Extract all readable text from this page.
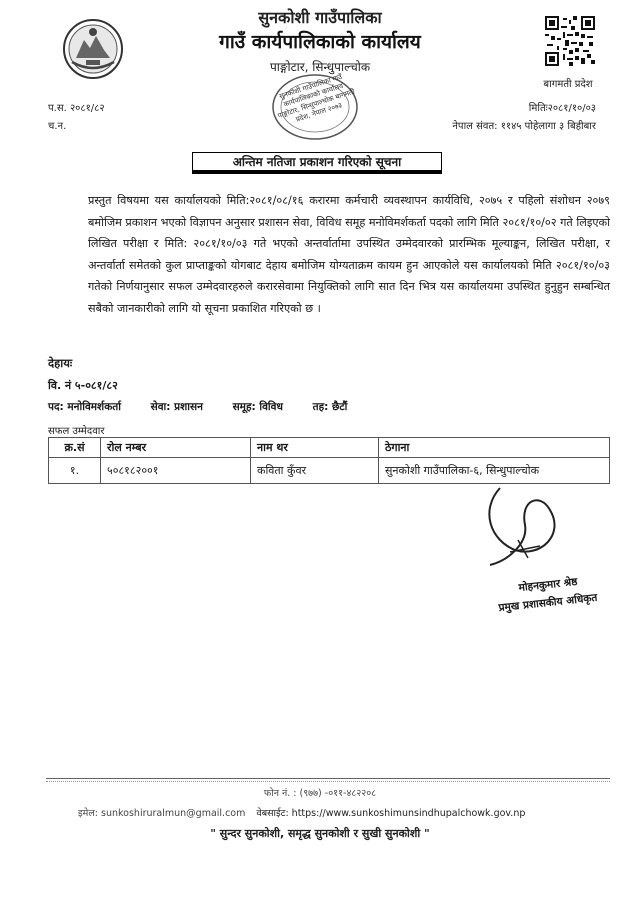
सुनकोशी गाउँपालिका
गाउँ कार्यपालिकाको कार्यालय
पाङ्गोटार, सिन्धुपाल्चोक
बागमती प्रदेश
सुनकोशी गाउँपालिका गाउँ कार्यपालिकाको कार्यालय पाङ्गोटार, सिन्धुपाल्चोक बागमती प्रदेश, नेपाल २०७३
प.स. २०८१/८२
च.न.
मितिः२०८१/१०/०३
नेपाल संवत: ११४५ पोहेलागा ३ बिहीबार
अन्तिम नतिजा प्रकाशन गरिएको सूचना

प्रस्तुत विषयमा यस कार्यालयको मिति:२०८१/०८/१६ करारमा कर्मचारी व्यवस्थापन कार्यविधि, २०७५ र पहिलो संशोधन २०७९ बमोजिम प्रकाशन भएको विज्ञापन अनुसार प्रशासन सेवा, विविध समूह मनोविमर्शकर्ता पदको लागि मिति २०८१/१०/०२ गते लिइएको लिखित परीक्षा र मिति: २०८१/१०/०३ गते भएको अन्तर्वार्तामा उपस्थित उम्मेदवारको प्रारम्भिक मूल्याङ्कन, लिखित परीक्षा, र अन्तर्वार्ता समेतको कुल प्राप्ताङ्कको योगबाट देहाय बमोजिम योग्यताक्रम कायम हुन आएकोले यस कार्यालयको मिति २०८१/१०/०३ गतेको निर्णयानुसार सफल उम्मेदवारहरुले करारसेवामा नियुक्तिको लागि सात दिन भित्र यस कार्यालयमा उपस्थित हुनुहुन सम्बन्धित सबैको जानकारीको लागि यो सूचना प्रकाशित गरिएको छ ।

देहायः
वि. नं ५-०८१/८२
पद: मनोविमर्शकर्ता	सेवा: प्रशासन	समूह: विविध	तह: छैटौं
सफल उम्मेदवार
क्र.सं	रोल नम्बर	नाम थर	ठेगाना
१.	५०८१८२००१	कविता कुँवर	सुनकोशी गाउँपालिका-६, सिन्धुपाल्चोक
मोहनकुमार श्रेष्ठ
प्रमुख प्रशासकीय अधिकृत
फोन नं. : (९७७) -०११-४८२२०८
इमेल: sunkoshiruralmun@gmail.com वेबसाईट: https://www.sunkoshimunsindhupalchowk.gov.np
" सुन्दर सुनकोशी, समृद्ध सुनकोशी र सुखी सुनकोशी "
